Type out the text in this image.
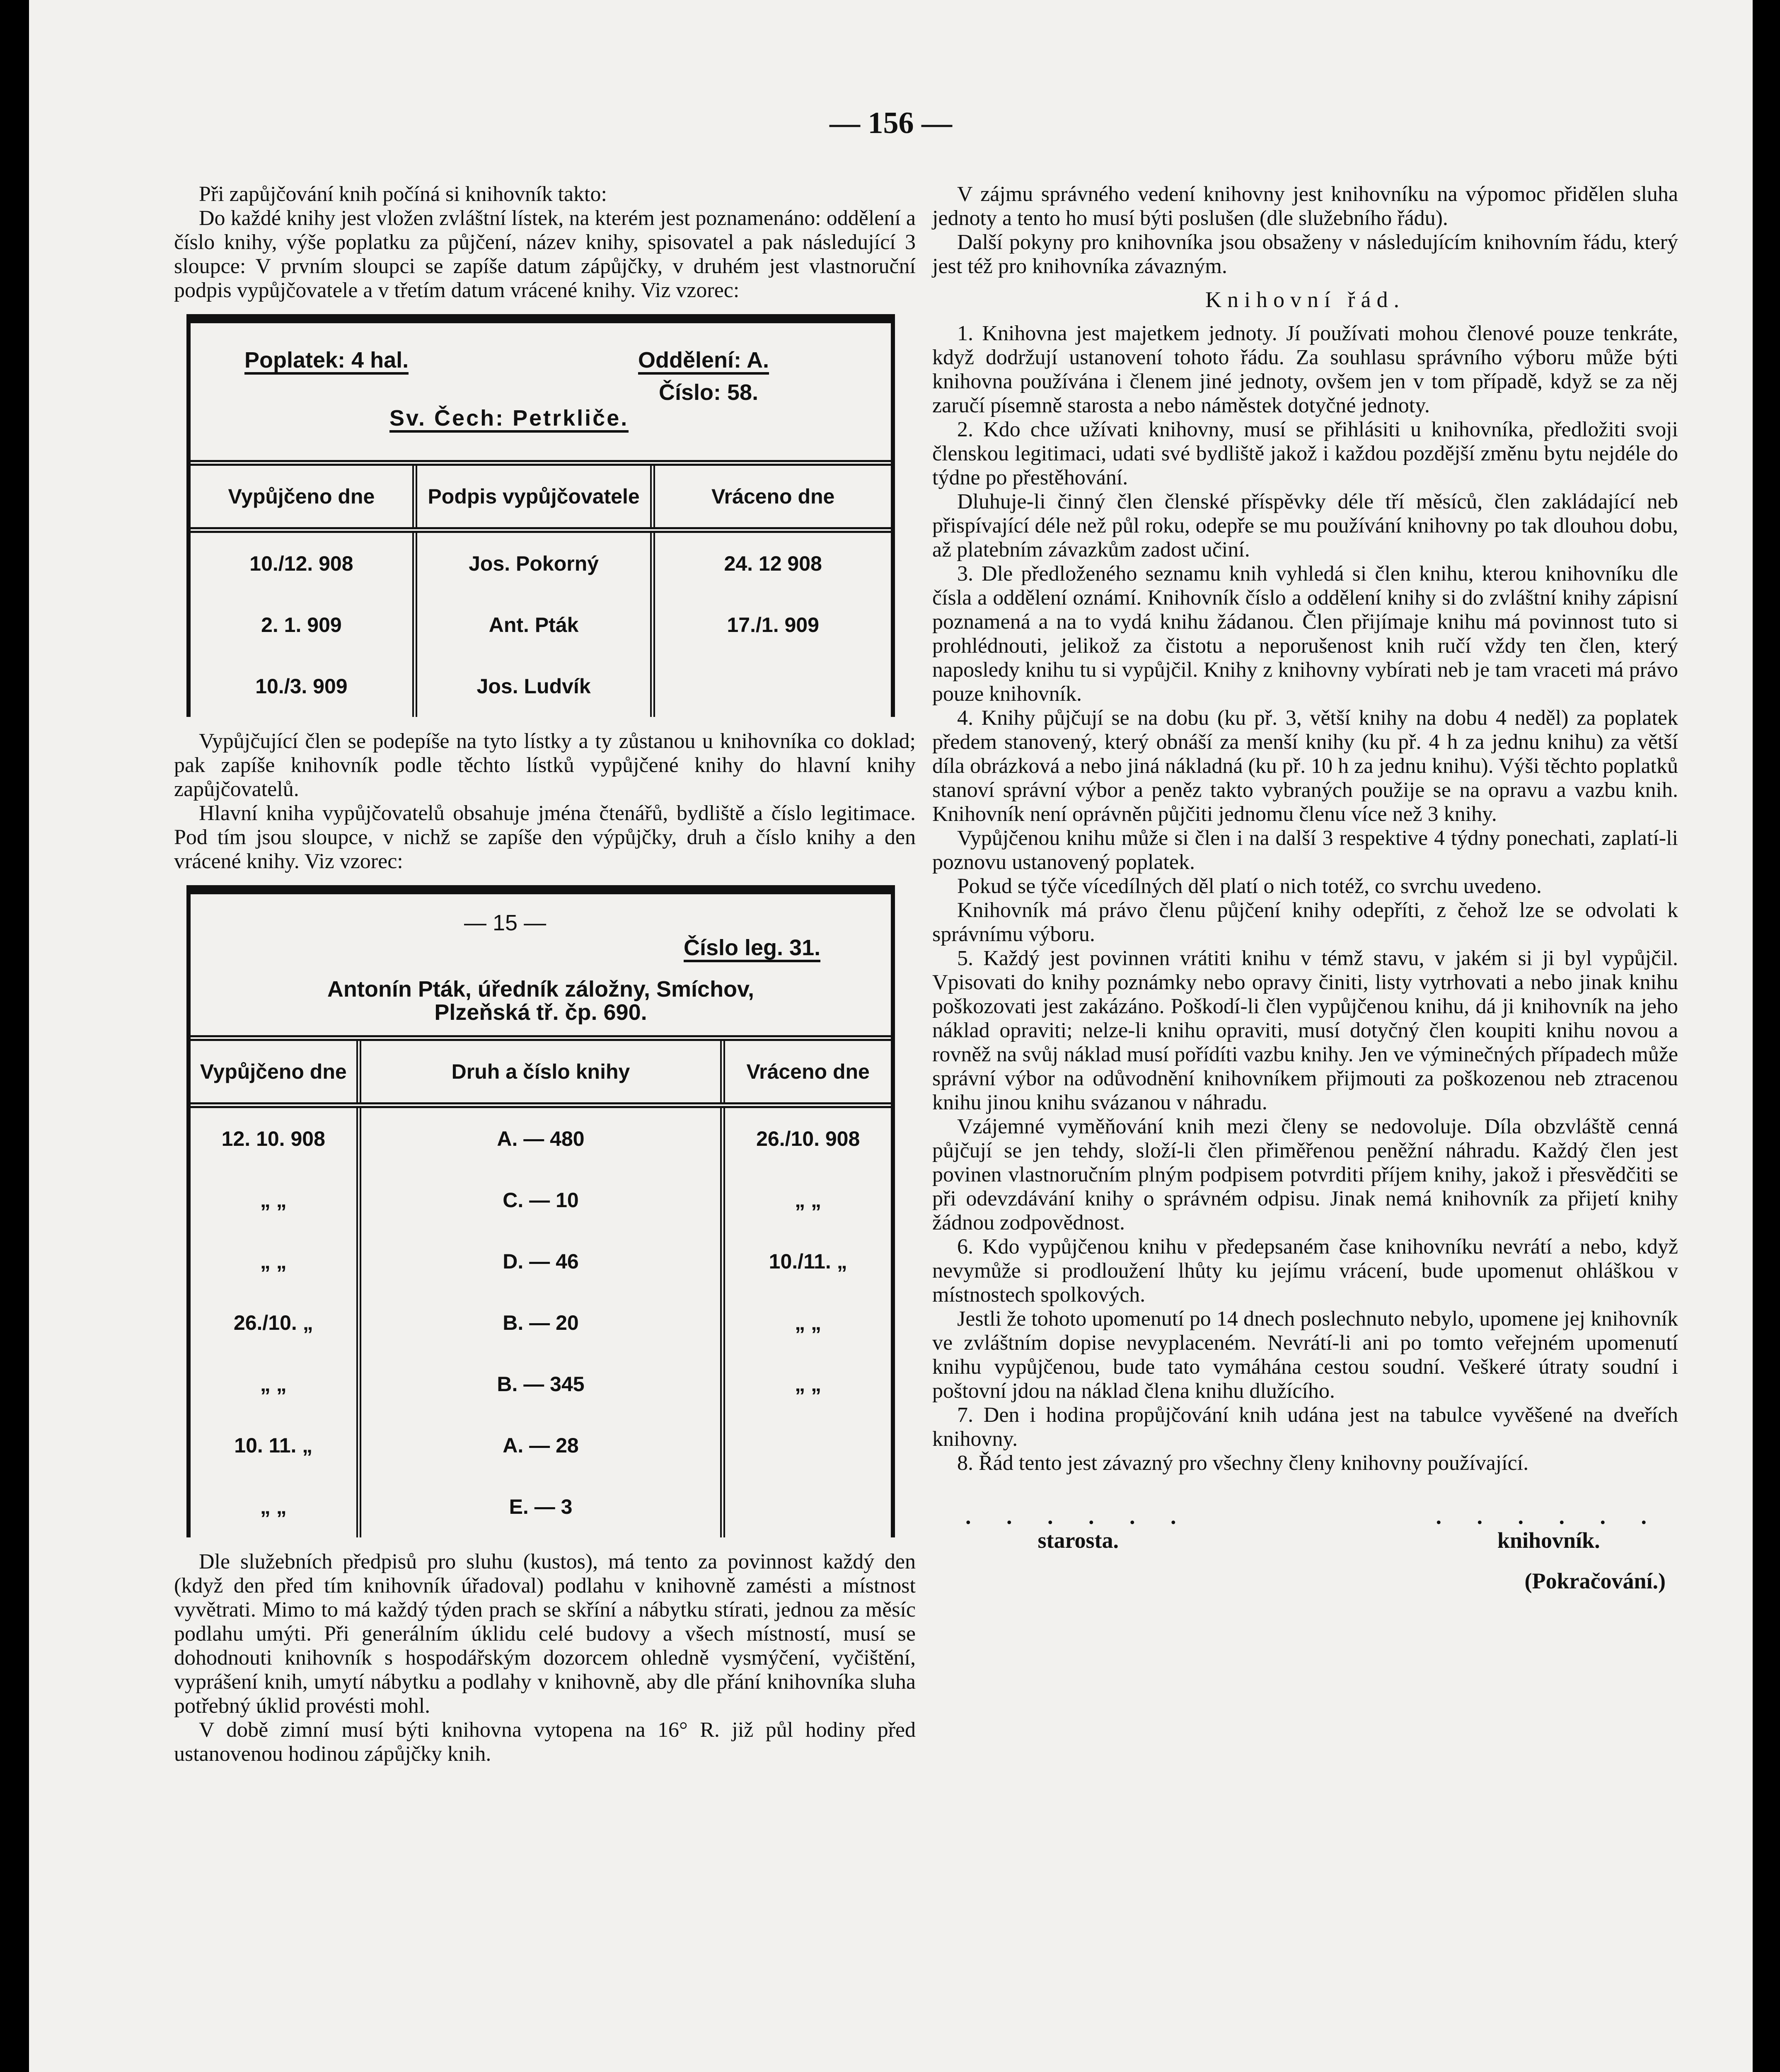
— 156 —

Při zapůjčování knih počíná si knihovník takto:

Do každé knihy jest vložen zvláštní lístek, na kterém jest poznamenáno: oddělení a číslo knihy, výše poplatku za půjčení, název knihy, spisovatel a pak následující 3 sloupce: V prvním sloupci se zapíše datum zápůjčky, v druhém jest vlastnoruční podpis vypůjčovatele a v třetím datum vrácené knihy. Viz vzorec:

Poplatek: 4 hal.	Oddělení: A.
Číslo: 58.
Sv. Čech: Petrkliče.
Vypůjčeno dne	Podpis vypůjčovatele	Vráceno dne
10./12. 908	Jos. Pokorný	24. 12 908
2. 1. 909	Ant. Pták	17./1. 909
10./3. 909	Jos. Ludvík	

Vypůjčující člen se podepíše na tyto lístky a ty zůstanou u knihovníka co doklad; pak zapíše knihovník podle těchto lístků vypůjčené knihy do hlavní knihy zapůjčovatelů.

Hlavní kniha vypůjčovatelů obsahuje jména čtenářů, bydliště a číslo legitimace. Pod tím jsou sloupce, v nichž se zapíše den výpůjčky, druh a číslo knihy a den vrácené knihy. Viz vzorec:

— 15 —
Číslo leg. 31.
Antonín Pták, úředník záložny, Smíchov,
Plzeňská tř. čp. 690.
Vypůjčeno dne	Druh a číslo knihy	Vráceno dne
12. 10. 908	A. — 480	26./10. 908
„ „	C. — 10	„ „
„ „	D. — 46	10./11. „
26./10. „	B. — 20	„ „
„ „	B. — 345	„ „
10. 11. „	A. — 28	
„ „	E. — 3	

Dle služebních předpisů pro sluhu (kustos), má tento za povinnost každý den (když den před tím knihovník úřadoval) podlahu v knihovně zamésti a místnost vyvětrati. Mimo to má každý týden prach se skříní a nábytku stírati, jednou za měsíc podlahu umýti. Při generálním úklidu celé budovy a všech místností, musí se dohodnouti knihovník s hospodářským dozorcem ohledně vysmýčení, vyčištění, vyprášení knih, umytí nábytku a podlahy v knihovně, aby dle přání knihovníka sluha potřebný úklid provésti mohl.

V době zimní musí býti knihovna vytopena na 16° R. již půl hodiny před ustanovenou hodinou zápůjčky knih.

V zájmu správného vedení knihovny jest knihovníku na výpomoc přidělen sluha jednoty a tento ho musí býti poslušen (dle služebního řádu).

Další pokyny pro knihovníka jsou obsaženy v následujícím knihovním řádu, který jest též pro knihovníka závazným.

Knihovní řád.

1. Knihovna jest majetkem jednoty. Jí používati mohou členové pouze tenkráte, když dodržují ustanovení tohoto řádu. Za souhlasu správního výboru může býti knihovna používána i členem jiné jednoty, ovšem jen v tom případě, když se za něj zaručí písemně starosta a nebo náměstek dotyčné jednoty.

2. Kdo chce užívati knihovny, musí se přihlásiti u knihovníka, předložiti svoji členskou legitimaci, udati své bydliště jakož i každou pozdější změnu bytu nejdéle do týdne po přestěhování.

Dluhuje-li činný člen členské příspěvky déle tří měsíců, člen zakládající neb přispívající déle než půl roku, odepře se mu používání knihovny po tak dlouhou dobu, až platebním závazkům zadost učiní.

3. Dle předloženého seznamu knih vyhledá si člen knihu, kterou knihovníku dle čísla a oddělení oznámí. Knihovník číslo a oddělení knihy si do zvláštní knihy zápisní poznamená a na to vydá knihu žádanou. Člen přijímaje knihu má povinnost tuto si prohlédnouti, jelikož za čistotu a neporušenost knih ručí vždy ten člen, který naposledy knihu tu si vypůjčil. Knihy z knihovny vybírati neb je tam vraceti má právo pouze knihovník.

4. Knihy půjčují se na dobu (ku př. 3, větší knihy na dobu 4 neděl) za poplatek předem stanovený, který obnáší za menší knihy (ku př. 4 h za jednu knihu) za větší díla obrázková a nebo jiná nákladná (ku př. 10 h za jednu knihu). Výši těchto poplatků stanoví správní výbor a peněz takto vybraných použije se na opravu a vazbu knih. Knihovník není oprávněn půjčiti jednomu členu více než 3 knihy.

Vypůjčenou knihu může si člen i na další 3 respektive 4 týdny ponechati, zaplatí-li poznovu ustanovený poplatek.

Pokud se týče vícedílných děl platí o nich totéž, co svrchu uvedeno.

Knihovník má právo členu půjčení knihy odepříti, z čehož lze se odvolati k správnímu výboru.

5. Každý jest povinnen vrátiti knihu v témž stavu, v jakém si ji byl vypůjčil. Vpisovati do knihy poznámky nebo opravy činiti, listy vytrhovati a nebo jinak knihu poškozovati jest zakázáno. Poškodí-li člen vypůjčenou knihu, dá ji knihovník na jeho náklad opraviti; nelze-li knihu opraviti, musí dotyčný člen koupiti knihu novou a rovněž na svůj náklad musí pořídíti vazbu knihy. Jen ve výminečných případech může správní výbor na odůvodnění knihovníkem přijmouti za poškozenou neb ztracenou knihu jinou knihu svázanou v náhradu.

Vzájemné vyměňování knih mezi členy se nedovoluje. Díla obzvláště cenná půjčují se jen tehdy, složí-li člen přiměřenou peněžní náhradu. Každý člen jest povinen vlastnoručním plným podpisem potvrditi příjem knihy, jakož i přesvědčiti se při odevzdávání knihy o správném odpisu. Jinak nemá knihovník za přijetí knihy žádnou zodpovědnost.

6. Kdo vypůjčenou knihu v předepsaném čase knihovníku nevrátí a nebo, když nevymůže si prodloužení lhůty ku jejímu vrácení, bude upomenut ohláškou v místnostech spolkových.

Jestli že tohoto upomenutí po 14 dnech poslechnuto nebylo, upomene jej knihovník ve zvláštním dopise nevyplaceném. Nevrátí-li ani po tomto veřejném upomenutí knihu vypůjčenou, bude tato vymáhána cestou soudní. Veškeré útraty soudní i poštovní jdou na náklad člena knihu dlužícího.

7. Den i hodina propůjčování knih udána jest na tabulce vyvěšené na dveřích knihovny.

8. Řád tento jest závazný pro všechny členy knihovny používající.

. . . . . .
starosta.
. . . . . .
knihovník.
(Pokračování.)
